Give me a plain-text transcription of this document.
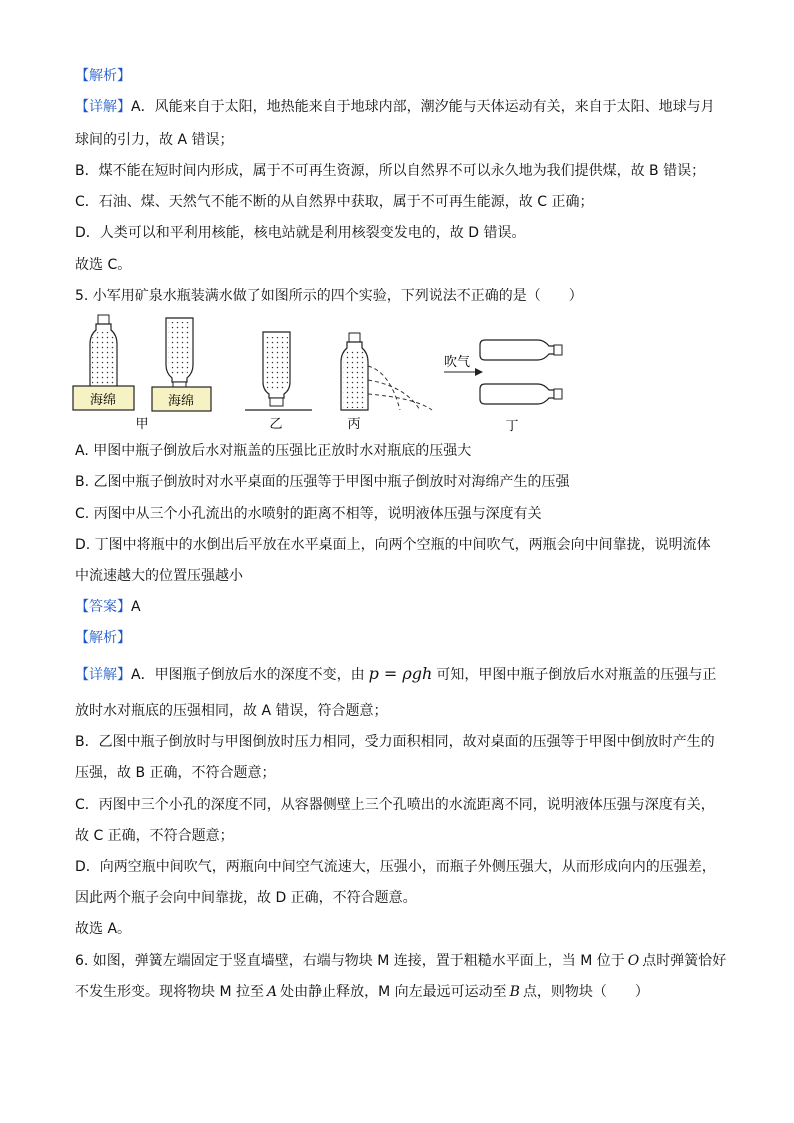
【解析】
【详解】A．风能来自于太阳，地热能来自于地球内部，潮汐能与天体运动有关，来自于太阳、地球与月
球间的引力，故 A 错误；
B．煤不能在短时间内形成，属于不可再生资源，所以自然界不可以永久地为我们提供煤，故 B 错误；
C．石油、煤、天然气不能不断的从自然界中获取，属于不可再生能源，故 C 正确；
D．人类可以和平利用核能，核电站就是利用核裂变发电的，故 D 错误。
故选 C。
5. 小军用矿泉水瓶装满水做了如图所示的四个实验，下列说法不正确的是（　　）
海绵	海绵
甲	乙	丙
吹气
丁
A. 甲图中瓶子倒放后水对瓶盖的压强比正放时水对瓶底的压强大
B. 乙图中瓶子倒放时对水平桌面的压强等于甲图中瓶子倒放时对海绵产生的压强
C. 丙图中从三个小孔流出的水喷射的距离不相等，说明液体压强与深度有关
D. 丁图中将瓶中的水倒出后平放在水平桌面上，向两个空瓶的中间吹气，两瓶会向中间靠拢，说明流体
中流速越大的位置压强越小
【答案】A
【解析】
【详解】A．甲图瓶子倒放后水的深度不变，由 p = ρgh 可知，甲图中瓶子倒放后水对瓶盖的压强与正
放时水对瓶底的压强相同，故 A 错误，符合题意；
B．乙图中瓶子倒放时与甲图倒放时压力相同，受力面积相同，故对桌面的压强等于甲图中倒放时产生的
压强，故 B 正确，不符合题意；
C．丙图中三个小孔的深度不同，从容器侧壁上三个孔喷出的水流距离不同，说明液体压强与深度有关，
故 C 正确，不符合题意；
D．向两空瓶中间吹气，两瓶向中间空气流速大，压强小，而瓶子外侧压强大，从而形成向内的压强差，
因此两个瓶子会向中间靠拢，故 D 正确，不符合题意。
故选 A。
6. 如图，弹簧左端固定于竖直墙壁，右端与物块 M 连接，置于粗糙水平面上，当 M 位于 O 点时弹簧恰好
不发生形变。现将物块 M 拉至 A 处由静止释放，M 向左最远可运动至 B 点，则物块（　　）
